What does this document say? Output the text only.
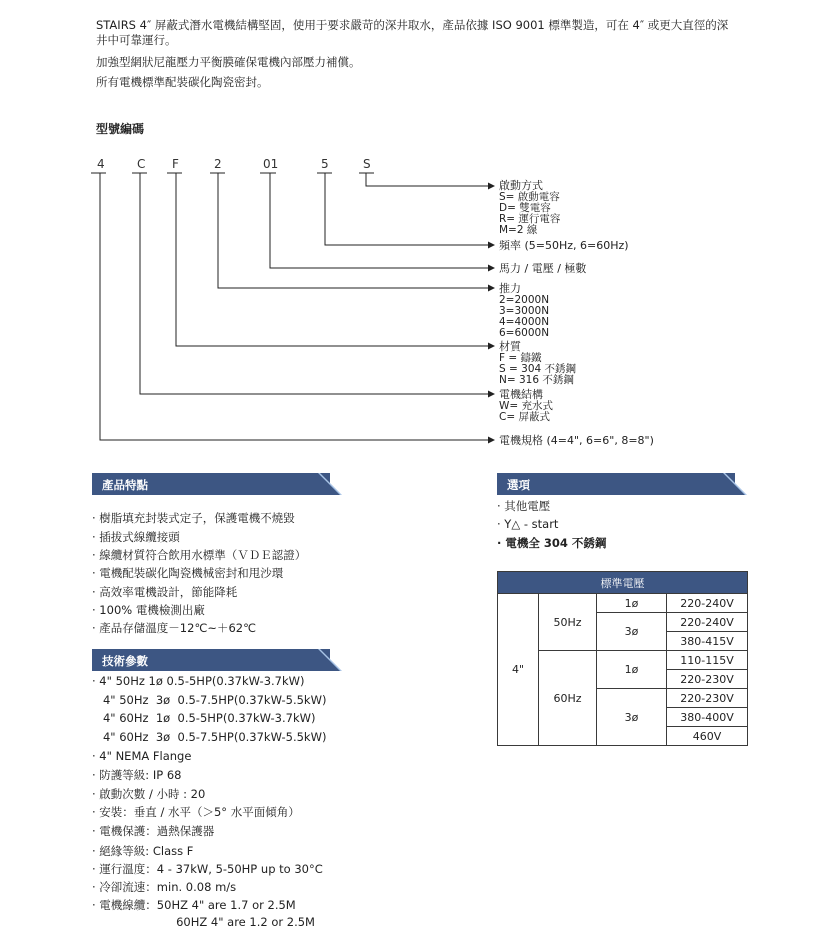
STAIRS 4″ 屏蔽式潛水電機結構堅固，使用于要求嚴苛的深井取水，產品依據 ISO 9001 標準製造，可在 4″ 或更大直徑的深
井中可靠運行。
加強型網狀尼龍壓力平衡膜確保電機內部壓力補償。
所有電機標準配裝碳化陶瓷密封。
型號編碼
4	C F	2	01	5	S
啟動方式
S= 啟動電容
D= 雙電容
R= 運行電容
M=2 線
頻率 (5=50Hz, 6=60Hz)
馬力 / 電壓 / 極數
推力
2=2000N
3=3000N
4=4000N
6=6000N
材質
F = 鑄鐵
S = 304 不銹鋼
N= 316 不銹鋼
電機結構
W= 充水式
C= 屏蔽式
電機規格 (4=4", 6=6", 8=8")
產品特點
· 樹脂填充封裝式定子，保護電機不燒毀
· 插拔式線纜接頭
· 線纜材質符合飲用水標準（ＶＤＥ認證）
· 電機配裝碳化陶瓷機械密封和甩沙環
· 高效率電機設計，節能降耗
· 100% 電機檢測出廠
· 產品存儲溫度－12℃~＋62℃
技術參數
· 4" 50Hz 1ø 0.5-5HP(0.37kW-3.7kW)
4" 50Hz  3ø  0.5-7.5HP(0.37kW-5.5kW)
4" 60Hz  1ø  0.5-5HP(0.37kW-3.7kW)
4" 60Hz  3ø  0.5-7.5HP(0.37kW-5.5kW)
· 4" NEMA Flange
· 防護等級: IP 68
· 啟動次數 / 小時 : 20
· 安裝：垂直 / 水平（＞5° 水平面傾角）
· 電機保護：過熱保護器
· 絕緣等級: Class F
· 運行溫度：4 - 37kW, 5-50HP up to 30°C
· 冷卻流速：min. 0.08 m/s
· 電機線纜：50HZ 4" are 1.7 or 2.5M
60HZ 4" are 1.2 or 2.5M
選項
· 其他電壓
· Y△ - start
· 電機全 304 不銹鋼
標準電壓			
4"	50Hz	1ø	220-240V
		3ø	220-240V
			380-415V
	60Hz	1ø	110-115V
			220-230V
		3ø	220-230V
			380-400V
			460V
